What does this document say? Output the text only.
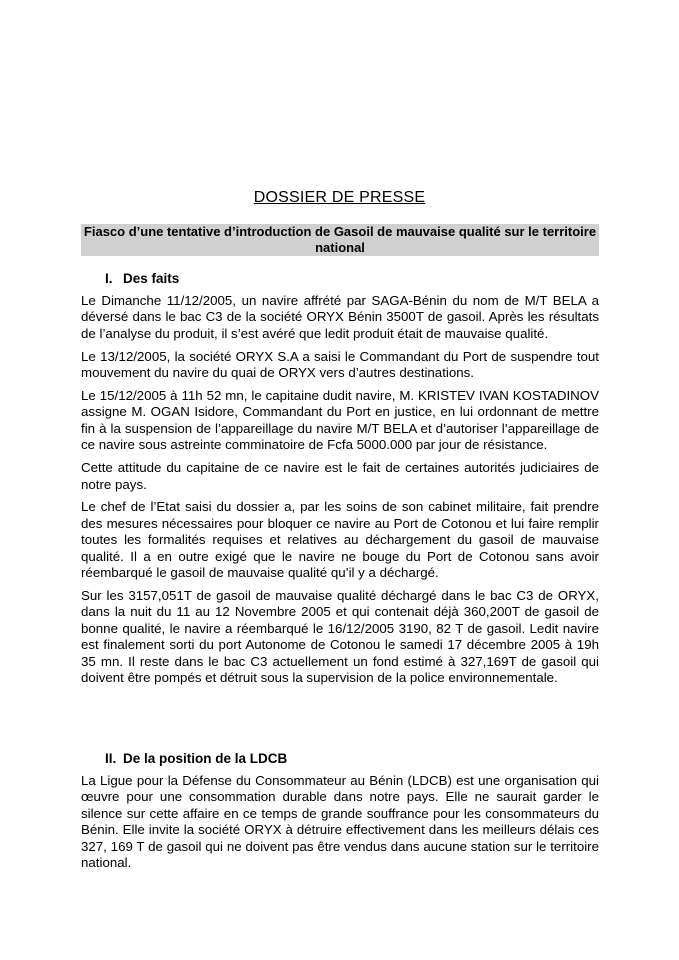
DOSSIER DE PRESSE
Fiasco d’une tentative d’introduction de Gasoil de mauvaise qualité sur le territoire national
I. Des faits

Le Dimanche 11/12/2005, un navire affrété par SAGA-Bénin du nom de M/T BELA a déversé dans le bac C3 de la société ORYX Bénin 3500T de gasoil. Après les résultats de l’analyse du produit, il s’est avéré que ledit produit était de mauvaise qualité.

Le 13/12/2005, la société ORYX S.A a saisi le Commandant du Port de suspendre tout mouvement du navire du quai de ORYX vers d’autres destinations.

Le 15/12/2005 à 11h 52 mn, le capitaine dudit navire, M. KRISTEV IVAN KOSTADINOV assigne M. OGAN Isidore, Commandant du Port en justice, en lui ordonnant de mettre fin à la suspension de l’appareillage du navire M/T BELA et d’autoriser l’appareillage de ce navire sous astreinte comminatoire de Fcfa 5000.000 par jour de résistance.

Cette attitude du capitaine de ce navire est le fait de certaines autorités judiciaires de notre pays.

Le chef de l’Etat saisi du dossier a, par les soins de son cabinet militaire, fait prendre des mesures nécessaires pour bloquer ce navire au Port de Cotonou et lui faire remplir toutes les formalités requises et relatives au déchargement du gasoil de mauvaise qualité. Il a en outre exigé que le navire ne bouge du Port de Cotonou sans avoir réembarqué le gasoil de mauvaise qualité qu’il y a déchargé.

Sur les 3157,051T de gasoil de mauvaise qualité déchargé dans le bac C3 de ORYX, dans la nuit du 11 au 12 Novembre 2005 et qui contenait déjà 360,200T de gasoil de bonne qualité, le navire a réembarqué le 16/12/2005 3190, 82 T de gasoil. Ledit navire est finalement sorti du port Autonome de Cotonou le samedi 17 décembre 2005 à 19h 35 mn. Il reste dans le bac C3 actuellement un fond estimé à 327,169T de gasoil qui doivent être pompés et détruit sous la supervision de la police environnementale.

II. De la position de la LDCB

La Ligue pour la Défense du Consommateur au Bénin (LDCB) est une organisation qui œuvre pour une consommation durable dans notre pays. Elle ne saurait garder le silence sur cette affaire en ce temps de grande souffrance pour les consommateurs du Bénin. Elle invite la société ORYX à détruire effectivement dans les meilleurs délais ces 327, 169 T de gasoil qui ne doivent pas être vendus dans aucune station sur le territoire national.
